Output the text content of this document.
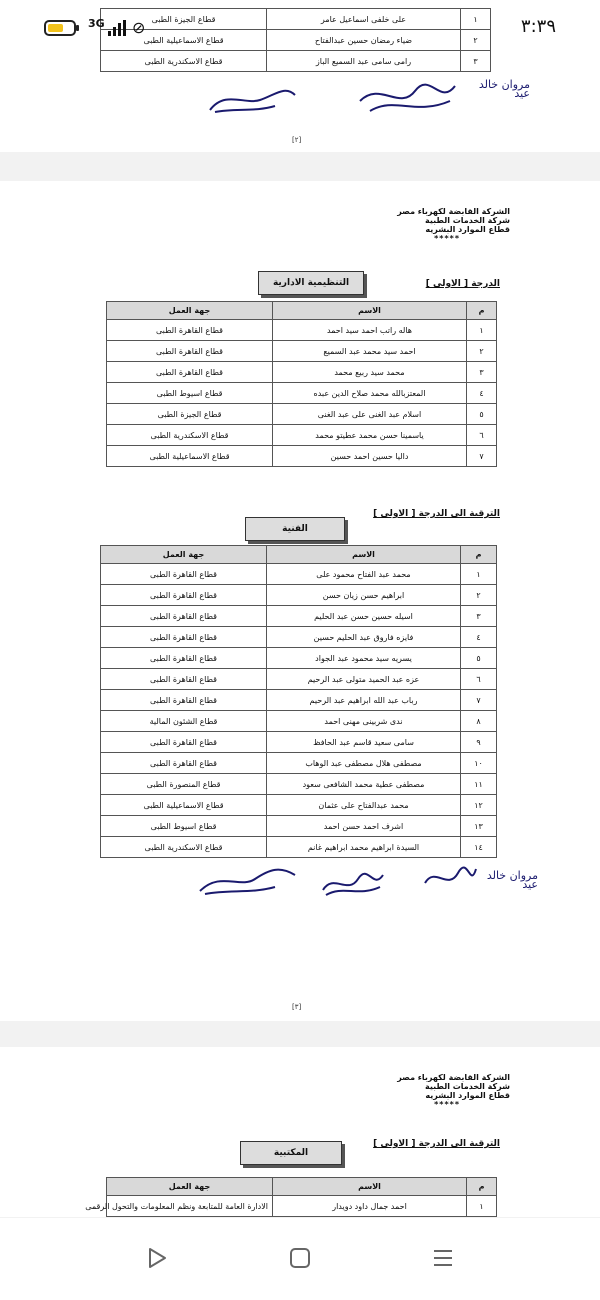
3G ⊘	٣:٣٩
١	على خلفى اسماعيل عامر	قطاع الجيزة الطبى
٢	ضياء رمضان حسين عبدالفتاح	قطاع الاسماعيلية الطبى
٣	رامى سامى عبد السميع الباز	قطاع الاسكندرية الطبى
مروان خالد عيد
[٢]
الشركة القابضة لكهرباء مصر
شركة الخدمات الطبية
قطاع الموارد البشريه
*****
التنظيمية الادارية	الدرجة [ الاولى ]
م	الاسم	جهة العمل
١	هاله راتب احمد سيد احمد	قطاع القاهرة الطبى
٢	احمد سيد محمد عبد السميع	قطاع القاهرة الطبى
٣	محمد سيد ربيع محمد	قطاع القاهرة الطبى
٤	المعتزبالله محمد صلاح الدين عبده	قطاع اسيوط الطبى
٥	اسلام عبد الغنى على عبد الغنى	قطاع الجيزة الطبى
٦	ياسمينا حسن محمد عطيتو محمد	قطاع الاسكندرية الطبى
٧	داليا حسين احمد حسين	قطاع الاسماعيلية الطبى
الترقية الى الدرجة [ الاولى ]
الفنية
م	الاسم	جهة العمل
١	محمد عبد الفتاح محمود على	قطاع القاهرة الطبى
٢	ابراهيم حسن زيان حسن	قطاع القاهرة الطبى
٣	اسيله حسين حسن عبد الحليم	قطاع القاهرة الطبى
٤	فايزه فاروق عبد الحليم حسين	قطاع القاهرة الطبى
٥	يسريه سيد محمود عبد الجواد	قطاع القاهرة الطبى
٦	عزه عبد الحميد متولى عبد الرحيم	قطاع القاهرة الطبى
٧	رباب عبد الله ابراهيم عبد الرحيم	قطاع القاهرة الطبى
٨	ندى شربينى مهنى احمد	قطاع الشئون المالية
٩	سامى سعيد قاسم عبد الحافظ	قطاع القاهرة الطبى
١٠	مصطفى هلال مصطفى عبد الوهاب	قطاع القاهرة الطبى
١١	مصطفى عطية محمد الشافعى سعود	قطاع المنصورة الطبى
١٢	محمد عبدالفتاح على عثمان	قطاع الاسماعيلية الطبى
١٣	اشرف احمد حسن احمد	قطاع اسيوط الطبى
١٤	السيدة ابراهيم محمد ابراهيم غانم	قطاع الاسكندرية الطبى
مروان خالد عيد
[٣]
الشركة القابضة لكهرباء مصر
شركة الخدمات الطبية
قطاع الموارد البشريه
*****
الترقية الى الدرجة [ الاولى ]
المكتبية
م	الاسم	جهة العمل
١	احمد جمال داود دويدار	الادارة العامة للمتابعة ونظم المعلومات والتحول الرقمى
